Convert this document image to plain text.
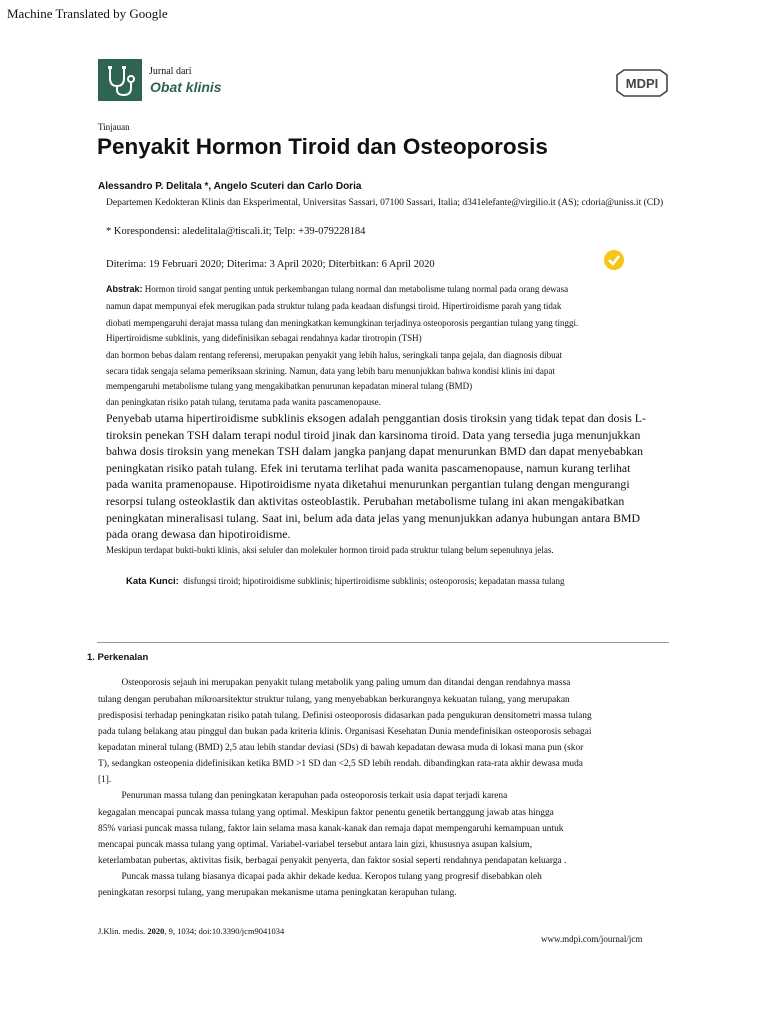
Machine Translated by Google
Jurnal dari
Obat klinis	MDPI
Tinjauan
Penyakit Hormon Tiroid dan Osteoporosis
Alessandro P. Delitala *, Angelo Scuteri dan Carlo Doria
Departemen Kedokteran Klinis dan Eksperimental, Universitas Sassari, 07100 Sassari, Italia; d341elefante@virgilio.it (AS); cdoria@uniss.it (CD)
* Korespondensi: aledelitala@tiscali.it; Telp: +39-079228184
Diterima: 19 Februari 2020; Diterima: 3 April 2020; Diterbitkan: 6 April 2020
Abstrak: Hormon tiroid sangat penting untuk perkembangan tulang normal dan metabolisme tulang normal pada orang dewasa
namun dapat mempunyai efek merugikan pada struktur tulang pada keadaan disfungsi tiroid. Hipertiroidisme parah yang tidak
diobati mempengaruhi derajat massa tulang dan meningkatkan kemungkinan terjadinya osteoporosis pergantian tulang yang tinggi.
Hipertiroidisme subklinis, yang didefinisikan sebagai rendahnya kadar tirotropin (TSH)
dan hormon bebas dalam rentang referensi, merupakan penyakit yang lebih halus, seringkali tanpa gejala, dan diagnosis dibuat
secara tidak sengaja selama pemeriksaan skrining. Namun, data yang lebih baru menunjukkan bahwa kondisi klinis ini dapat
mempengaruhi metabolisme tulang yang mengakibatkan penurunan kepadatan mineral tulang (BMD)
dan peningkatan risiko patah tulang, terutama pada wanita pascamenopause.
Penyebab utama hipertiroidisme subklinis eksogen adalah penggantian dosis tiroksin yang tidak tepat dan dosis L-
tiroksin penekan TSH dalam terapi nodul tiroid jinak dan karsinoma tiroid. Data yang tersedia juga menunjukkan
bahwa dosis tiroksin yang menekan TSH dalam jangka panjang dapat menurunkan BMD dan dapat menyebabkan
peningkatan risiko patah tulang. Efek ini terutama terlihat pada wanita pascamenopause, namun kurang terlihat
pada wanita pramenopause. Hipotiroidisme nyata diketahui menurunkan pergantian tulang dengan mengurangi
resorpsi tulang osteoklastik dan aktivitas osteoblastik. Perubahan metabolisme tulang ini akan mengakibatkan
peningkatan mineralisasi tulang. Saat ini, belum ada data jelas yang menunjukkan adanya hubungan antara BMD
pada orang dewasa dan hipotiroidisme.
Meskipun terdapat bukti-bukti klinis, aksi seluler dan molekuler hormon tiroid pada struktur tulang belum sepenuhnya jelas.
Kata Kunci: disfungsi tiroid; hipotiroidisme subklinis; hipertiroidisme subklinis; osteoporosis; kepadatan massa tulang
1. Perkenalan
Osteoporosis sejauh ini merupakan penyakit tulang metabolik yang paling umum dan ditandai dengan rendahnya massa
tulang dengan perubahan mikroarsitektur struktur tulang, yang menyebabkan berkurangnya kekuatan tulang, yang merupakan
predisposisi terhadap peningkatan risiko patah tulang. Definisi osteoporosis didasarkan pada pengukuran densitometri massa tulang
pada tulang belakang atau pinggul dan bukan pada kriteria klinis. Organisasi Kesehatan Dunia mendefinisikan osteoporosis sebagai
kepadatan mineral tulang (BMD) 2,5 atau lebih standar deviasi (SDs) di bawah kepadatan dewasa muda di lokasi mana pun (skor
T), sedangkan osteopenia didefinisikan ketika BMD >1 SD dan <2,5 SD lebih rendah. dibandingkan rata-rata akhir dewasa muda
[1].
Penurunan massa tulang dan peningkatan kerapuhan pada osteoporosis terkait usia dapat terjadi karena
kegagalan mencapai puncak massa tulang yang optimal. Meskipun faktor penentu genetik bertanggung jawab atas hingga
85% variasi puncak massa tulang, faktor lain selama masa kanak-kanak dan remaja dapat mempengaruhi kemampuan untuk
mencapai puncak massa tulang yang optimal. Variabel-variabel tersebut antara lain gizi, khususnya asupan kalsium,
keterlambatan pubertas, aktivitas fisik, berbagai penyakit penyerta, dan faktor sosial seperti rendahnya pendapatan keluarga .
Puncak massa tulang biasanya dicapai pada akhir dekade kedua. Keropos tulang yang progresif disebabkan oleh
peningkatan resorpsi tulang, yang merupakan mekanisme utama peningkatan kerapuhan tulang.
J.Klin. medis. 2020, 9, 1034; doi:10.3390/jcm9041034
www.mdpi.com/journal/jcm
